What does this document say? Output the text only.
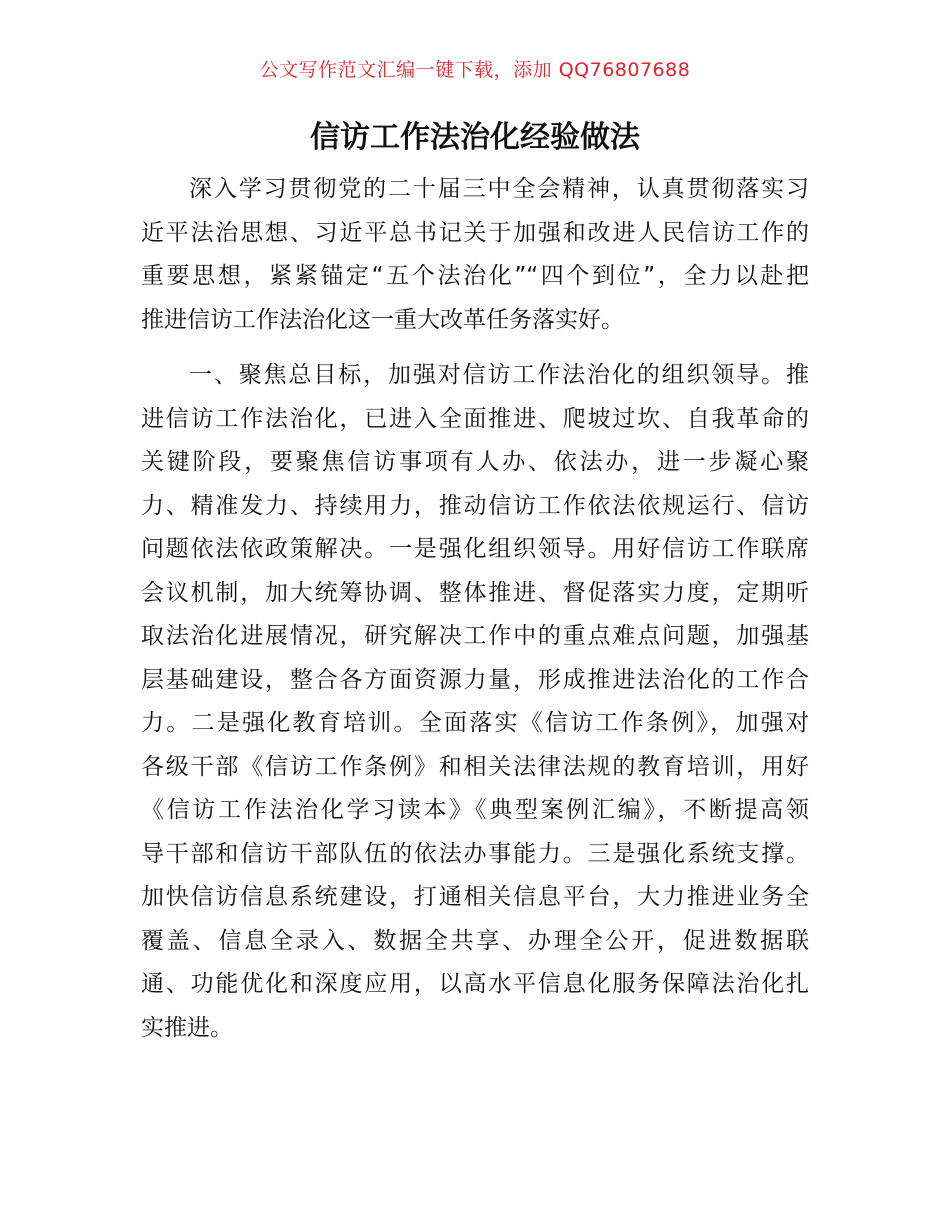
公文写作范文汇编一键下载，添加 QQ76807688
信访工作法治化经验做法

深入学习贯彻党的二十届三中全会精神，认真贯彻落实习
近平法治思想、习近平总书记关于加强和改进人民信访工作的
重要思想，紧紧锚定“五个法治化”“四个到位”，全力以赴把
推进信访工作法治化这一重大改革任务落实好。

一、聚焦总目标，加强对信访工作法治化的组织领导。推
进信访工作法治化，已进入全面推进、爬坡过坎、自我革命的
关键阶段，要聚焦信访事项有人办、依法办，进一步凝心聚
力、精准发力、持续用力，推动信访工作依法依规运行、信访
问题依法依政策解决。一是强化组织领导。用好信访工作联席
会议机制，加大统筹协调、整体推进、督促落实力度，定期听
取法治化进展情况，研究解决工作中的重点难点问题，加强基
层基础建设，整合各方面资源力量，形成推进法治化的工作合
力。二是强化教育培训。全面落实《信访工作条例》，加强对
各级干部《信访工作条例》和相关法律法规的教育培训，用好
《信访工作法治化学习读本》《典型案例汇编》，不断提高领
导干部和信访干部队伍的依法办事能力。三是强化系统支撑。
加快信访信息系统建设，打通相关信息平台，大力推进业务全
覆盖、信息全录入、数据全共享、办理全公开，促进数据联
通、功能优化和深度应用，以高水平信息化服务保障法治化扎
实推进。
